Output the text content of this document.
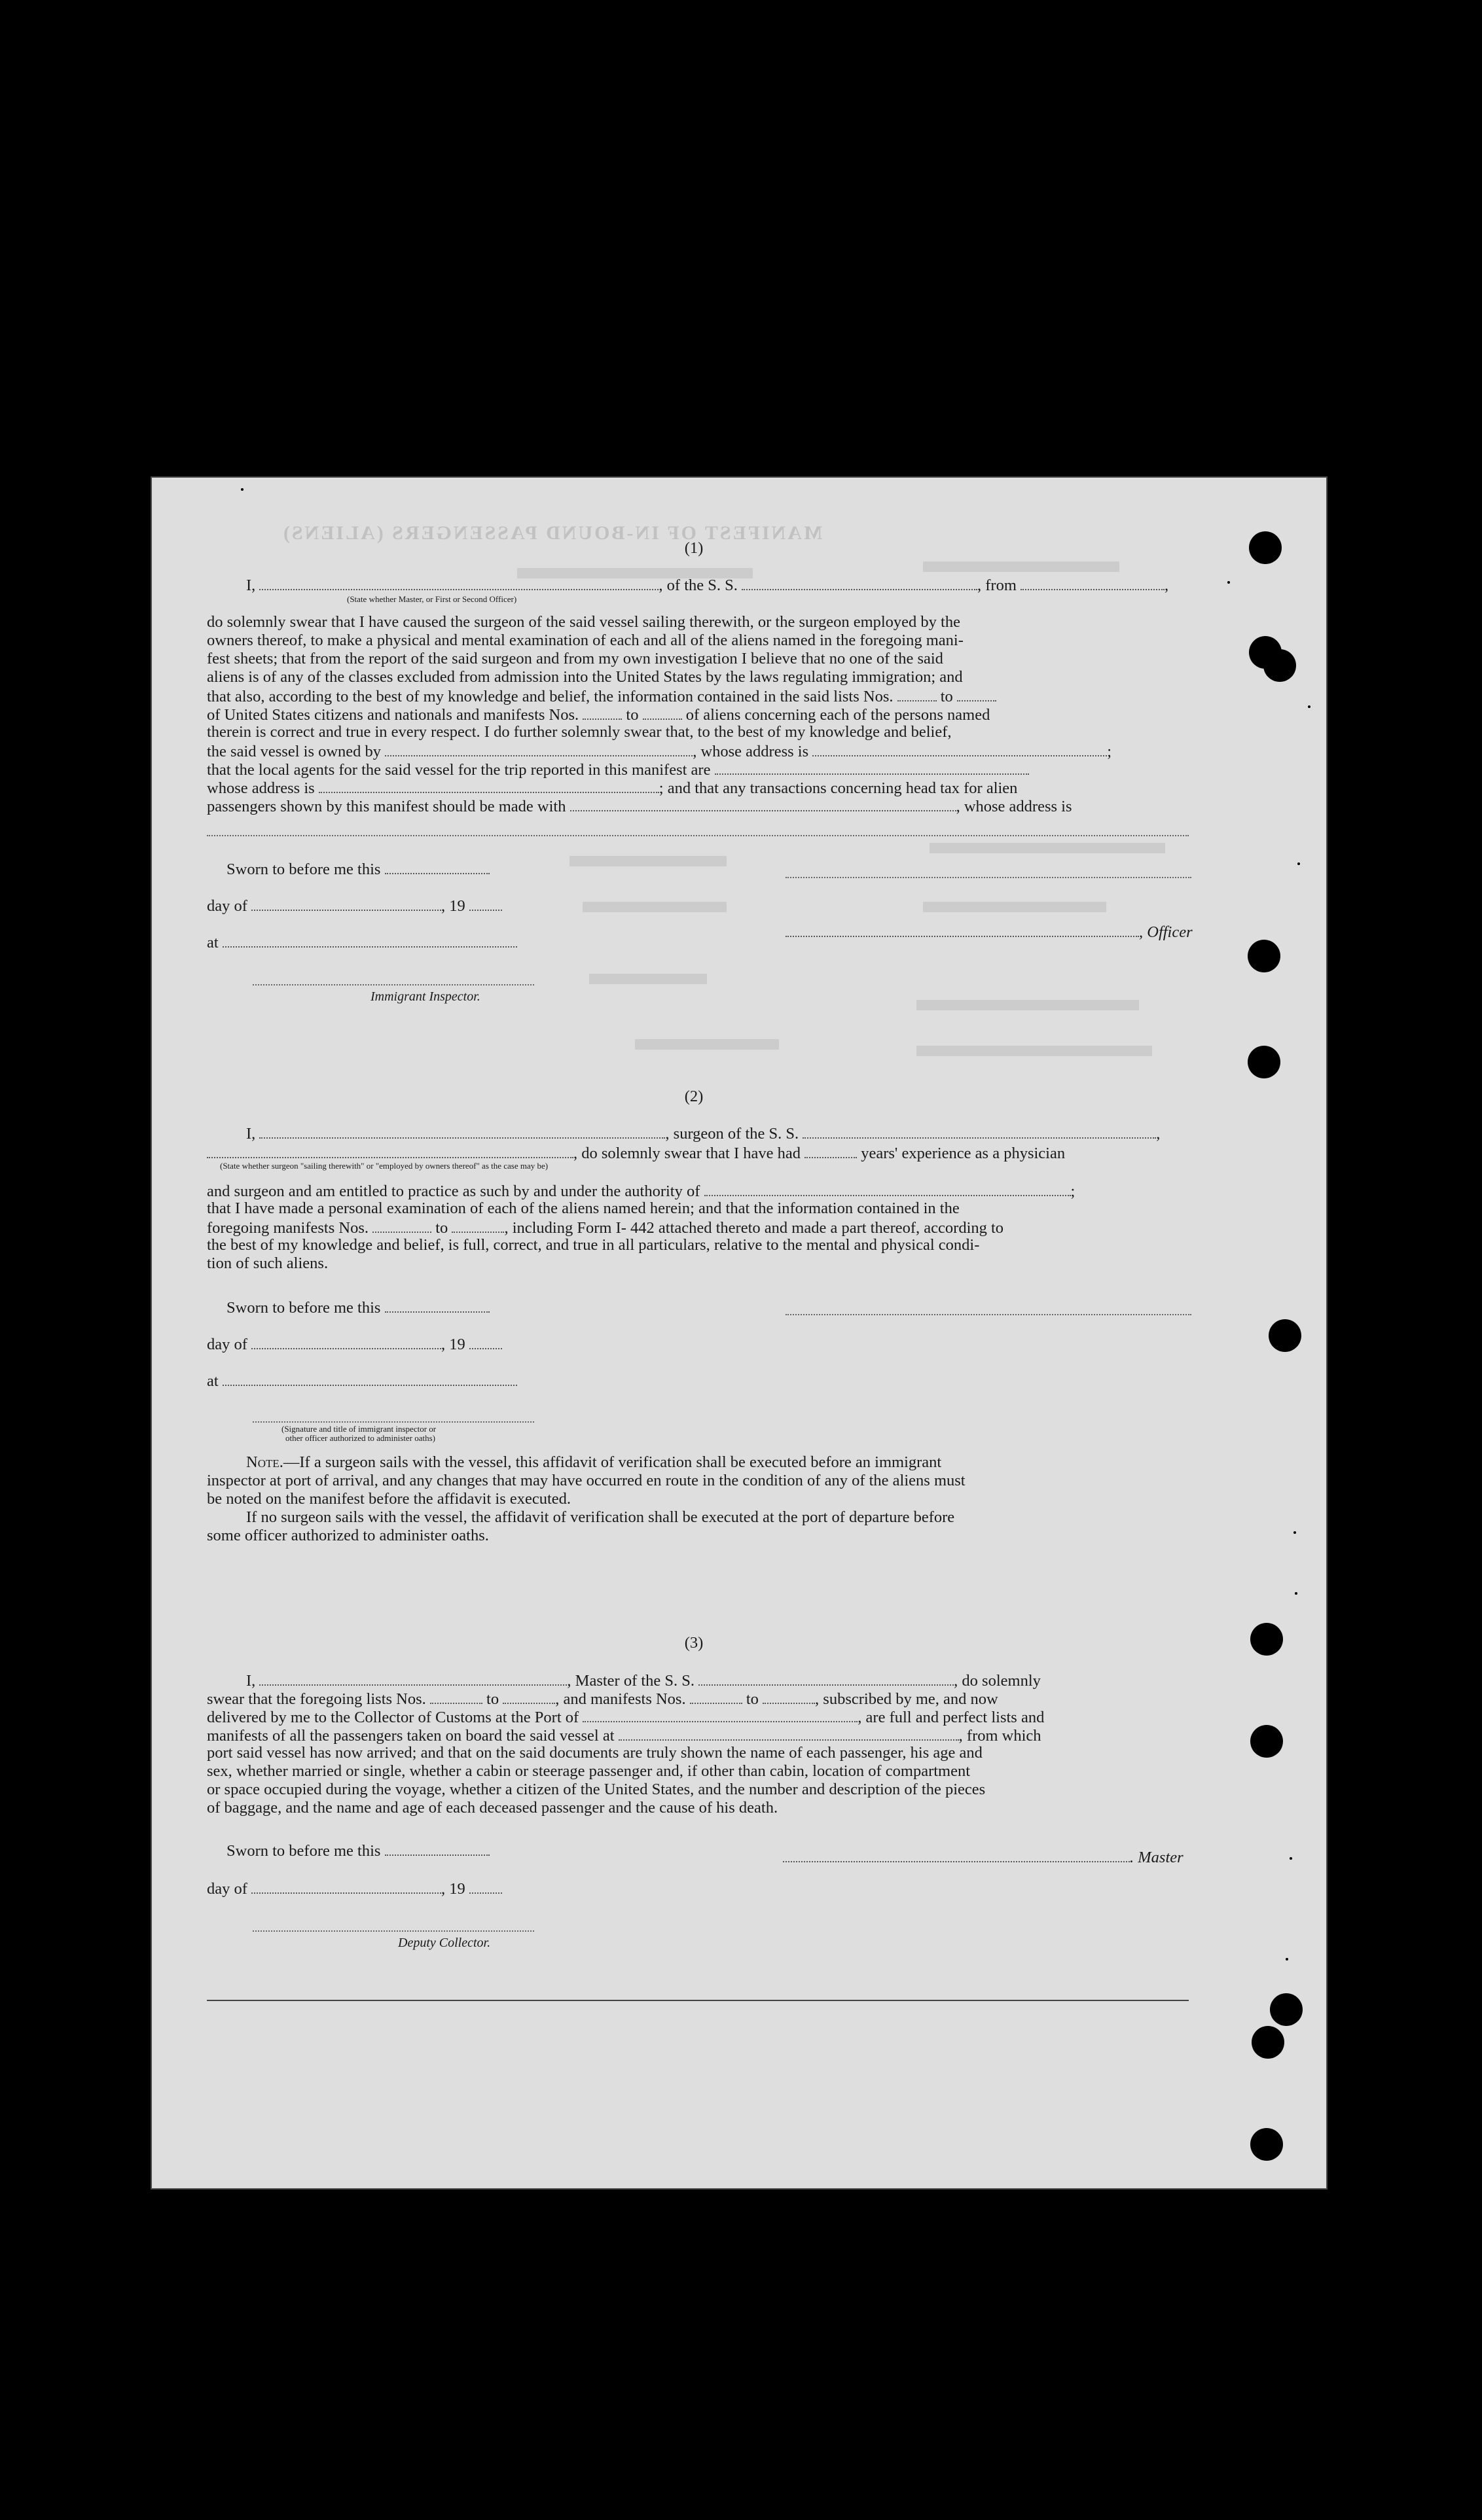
MANIFEST OF IN-BOUND PASSENGERS (ALIENS)
(1)
I,	, of the S. S.	, from	,
(State whether Master, or First or Second Officer)
do solemnly swear that I have caused the surgeon of the said vessel sailing therewith, or the surgeon employed by the
owners thereof, to make a physical and mental examination of each and all of the aliens named in the foregoing mani-
fest sheets; that from the report of the said surgeon and from my own investigation I believe that no one of the said
aliens is of any of the classes excluded from admission into the United States by the laws regulating immigration; and
that also, according to the best of my knowledge and belief, the information contained in the said lists Nos.	to
of United States citizens and nationals and manifests Nos.	to	of aliens concerning each of the persons named
therein is correct and true in every respect. I do further solemnly swear that, to the best of my knowledge and belief,
the said vessel is owned by	, whose address is	;
that the local agents for the said vessel for the trip reported in this manifest are
whose address is	; and that any transactions concerning head tax for alien
passengers shown by this manifest should be made with	, whose address is
Sworn to before me this
day of	, 19
, Officer
at
Immigrant Inspector.
(2)
I,	, surgeon of the S. S.	,
, do solemnly swear that I have had	years' experience as a physician
(State whether surgeon "sailing therewith" or "employed by owners thereof" as the case may be)
and surgeon and am entitled to practice as such by and under the authority of	;
that I have made a personal examination of each of the aliens named herein; and that the information contained in the
foregoing manifests Nos.	to	, including Form I- 442 attached thereto and made a part thereof, according to
the best of my knowledge and belief, is full, correct, and true in all particulars, relative to the mental and physical condi-
tion of such aliens.
Sworn to before me this
day of	, 19
at
(Signature and title of immigrant inspector or
other officer authorized to administer oaths)
Note.—If a surgeon sails with the vessel, this affidavit of verification shall be executed before an immigrant
inspector at port of arrival, and any changes that may have occurred en route in the condition of any of the aliens must
be noted on the manifest before the affidavit is executed.
If no surgeon sails with the vessel, the affidavit of verification shall be executed at the port of departure before
some officer authorized to administer oaths.
(3)
I,	, Master of the S. S.	, do solemnly
swear that the foregoing lists Nos.	to	, and manifests Nos.	to	, subscribed by me, and now
delivered by me to the Collector of Customs at the Port of	, are full and perfect lists and
manifests of all the passengers taken on board the said vessel at	, from which
port said vessel has now arrived; and that on the said documents are truly shown the name of each passenger, his age and
sex, whether married or single, whether a cabin or steerage passenger and, if other than cabin, location of compartment
or space occupied during the voyage, whether a citizen of the United States, and the number and description of the pieces
of baggage, and the name and age of each deceased passenger and the cause of his death.
Sworn to before me this	. Master
day of	, 19
Deputy Collector.
